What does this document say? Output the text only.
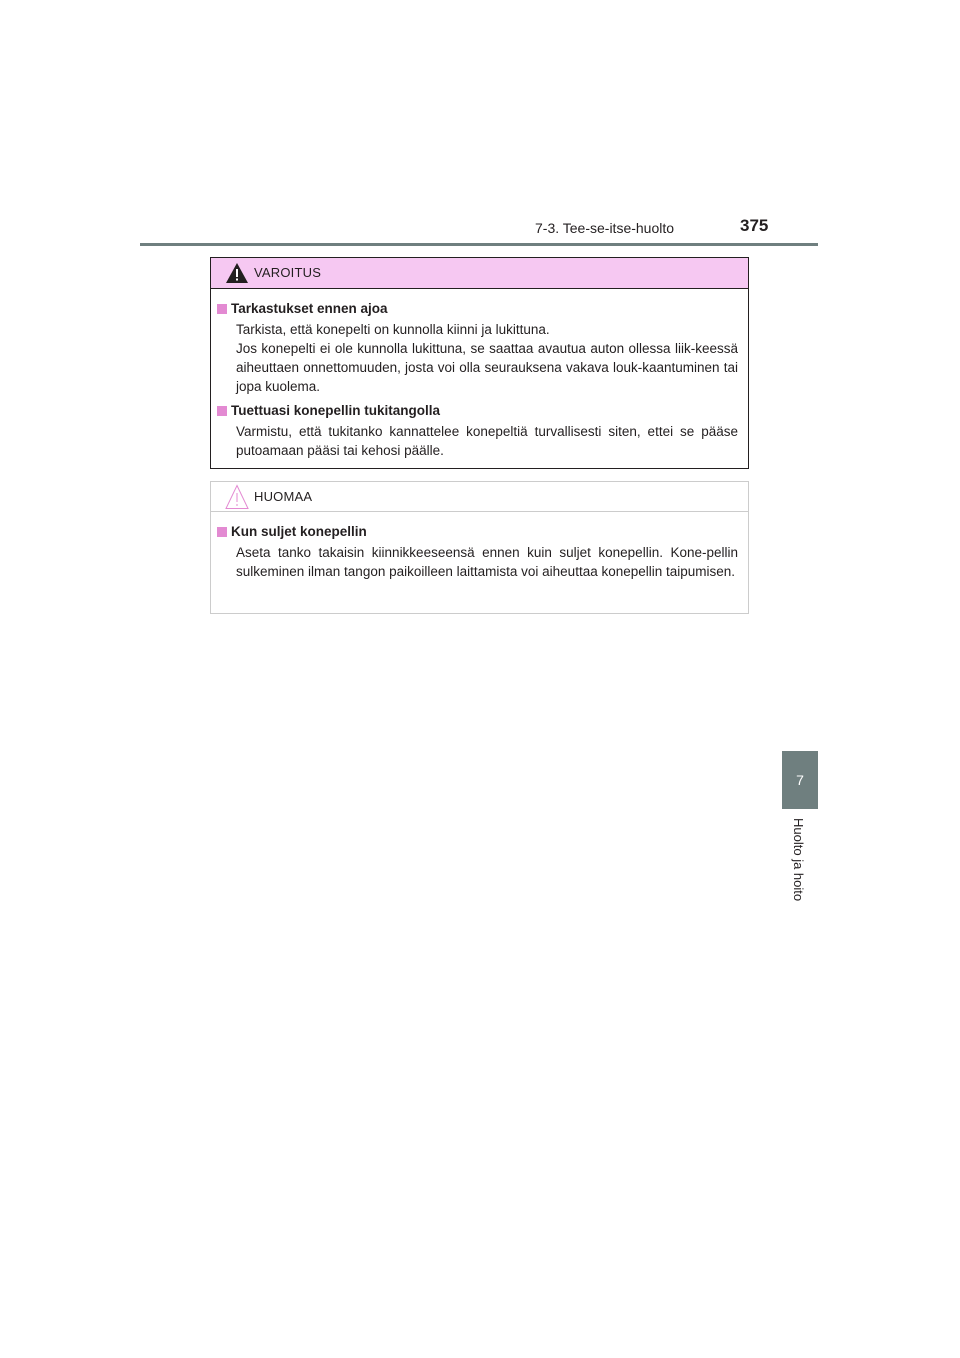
7-3. Tee-se-itse-huolto	375
7
Huolto ja hoito
VAROITUS

Tarkastukset ennen ajoa

Tarkista, että konepelti on kunnolla kiinni ja lukittuna.
Jos konepelti ei ole kunnolla lukittuna, se saattaa avautua auton ollessa liik-keessä aiheuttaen onnettomuuden, josta voi olla seurauksena vakava louk-kaantuminen tai jopa kuolema.

Tuettuasi konepellin tukitangolla

Varmistu, että tukitanko kannattelee konepeltiä turvallisesti siten, ettei se pääse putoamaan pääsi tai kehosi päälle.
HUOMAA

Kun suljet konepellin

Aseta tanko takaisin kiinnikkeeseensä ennen kuin suljet konepellin. Kone-pellin sulkeminen ilman tangon paikoilleen laittamista voi aiheuttaa konepellin taipumisen.
